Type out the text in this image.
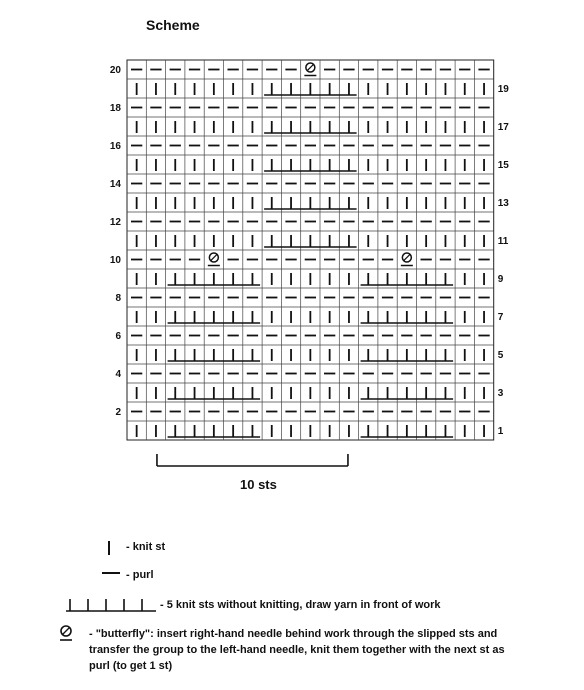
Scheme
2
4
6
8
10
12
14
16
18
20
1
3
5
7
9
11
13
15
17
19
10 sts
- knit st
- purl
- 5 knit sts without knitting, draw yarn in front of work
- "butterfly": insert right-hand needle behind work through the slipped sts and
transfer the group to the left-hand needle, knit them together with the next st as
purl (to get 1 st)
